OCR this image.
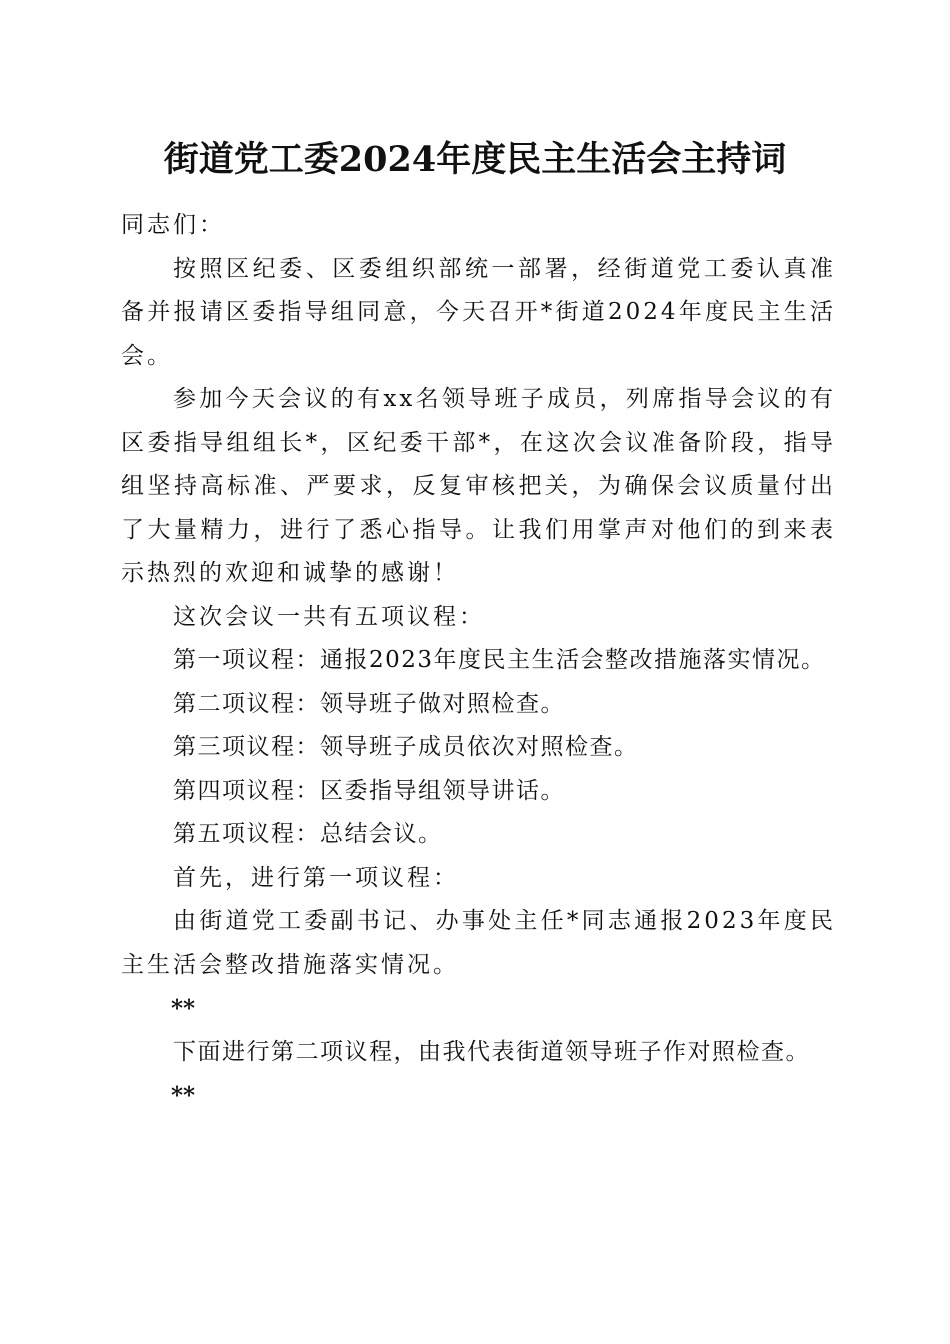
街道党工委2024年度民主生活会主持词

同志们：

按照区纪委、区委组织部统一部署，经街道党工委认真准备并报请区委指导组同意，今天召开*街道2024年度民主生活会。

参加今天会议的有xx名领导班子成员，列席指导会议的有区委指导组组长*，区纪委干部*，在这次会议准备阶段，指导组坚持高标准、严要求，反复审核把关，为确保会议质量付出了大量精力，进行了悉心指导。让我们用掌声对他们的到来表示热烈的欢迎和诚挚的感谢！

这次会议一共有五项议程：

第一项议程：通报2023年度民主生活会整改措施落实情况。

第二项议程：领导班子做对照检查。

第三项议程：领导班子成员依次对照检查。

第四项议程：区委指导组领导讲话。

第五项议程：总结会议。

首先，进行第一项议程：

由街道党工委副书记、办事处主任*同志通报2023年度民主生活会整改措施落实情况。

**

下面进行第二项议程，由我代表街道领导班子作对照检查。

**
